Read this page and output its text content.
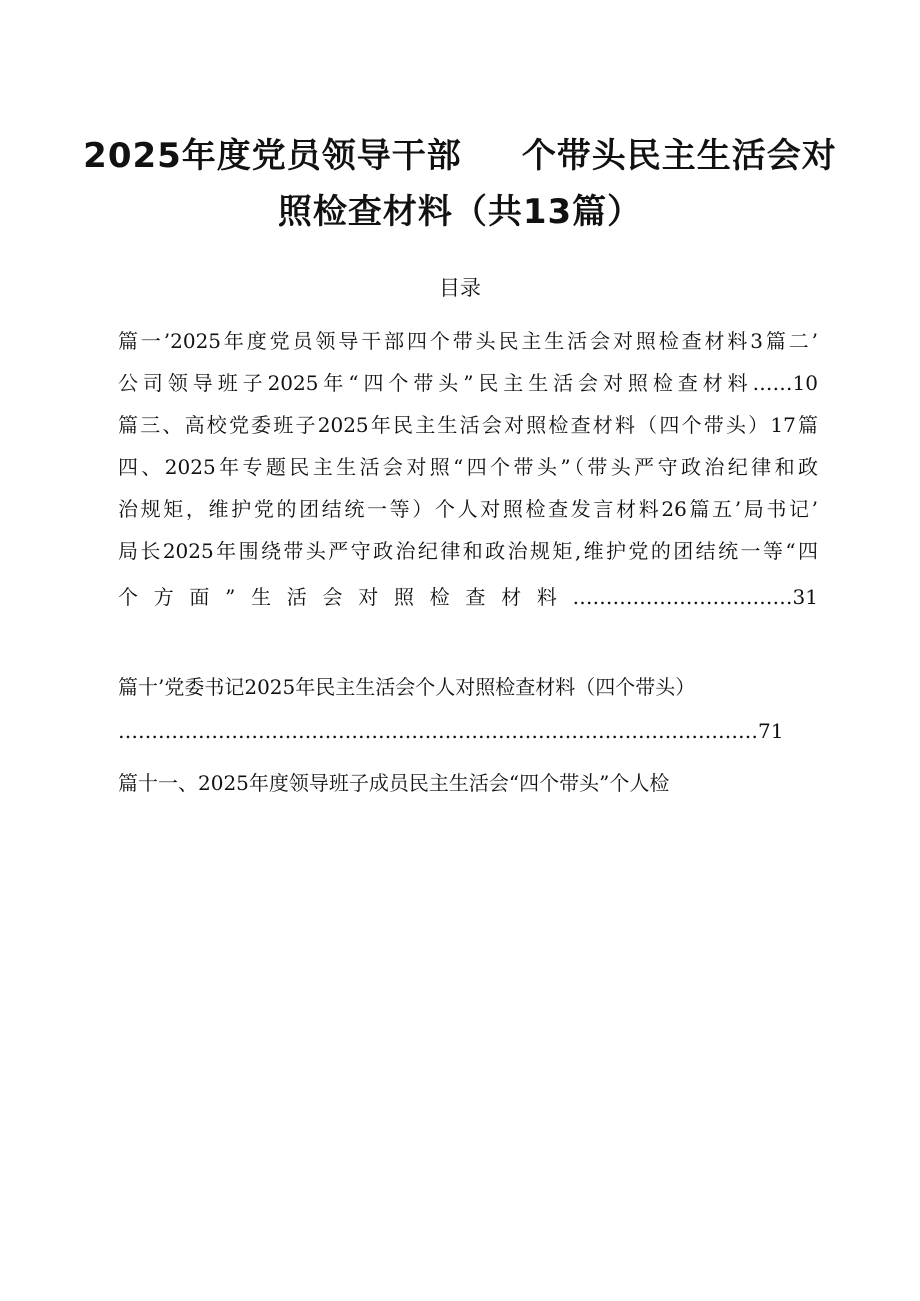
2025年度党员领导干部 个带头民主生活会对
照检查材料（共13篇）
目录
篇一’2025年度党员领导干部四个带头民主生活会对照检查材料3篇二’
公司领导班子2025年“四个带头”民主生活会对照检查材料……10
篇三、高校党委班子2025年民主生活会对照检查材料（四个带头）17篇
四、2025年专题民主生活会对照“四个带头”（带头严守政治纪律和政
治规矩，维护党的团结统一等）个人对照检查发言材料26篇五’局书记’
局长2025年围绕带头严守政治纪律和政治规矩,维护党的团结统一等“四
个方面”生活会对照检查材料……………………………31
篇十’党委书记2025年民主生活会个人对照检查材料（四个带头）
……………………………………………………………………………………71
篇十一、2025年度领导班子成员民主生活会“四个带头”个人检
